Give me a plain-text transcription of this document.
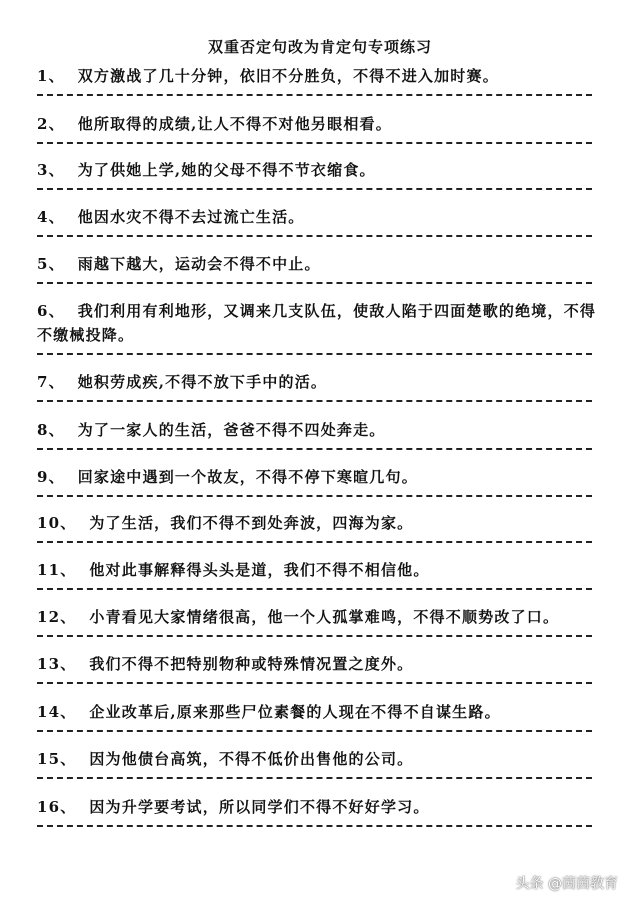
双重否定句改为肯定句专项练习
1、 双方激战了几十分钟，依旧不分胜负，不得不进入加时赛。
2、 他所取得的成绩,让人不得不对他另眼相看。
3、 为了供她上学,她的父母不得不节衣缩食。
4、 他因水灾不得不去过流亡生活。
5、 雨越下越大，运动会不得不中止。
6、 我们利用有利地形，又调来几支队伍，使敌人陷于四面楚歌的绝境，不得不缴械投降。
7、 她积劳成疾,不得不放下手中的活。
8、 为了一家人的生活，爸爸不得不四处奔走。
9、 回家途中遇到一个故友，不得不停下寒暄几句。
10、 为了生活，我们不得不到处奔波，四海为家。
11、 他对此事解释得头头是道，我们不得不相信他。
12、 小青看见大家情绪很高，他一个人孤掌难鸣，不得不顺势改了口。
13、 我们不得不把特别物种或特殊情况置之度外。
14、 企业改革后,原来那些尸位素餐的人现在不得不自谋生路。
15、 因为他债台高筑，不得不低价出售他的公司。
16、 因为升学要考试，所以同学们不得不好好学习。
头条 @茵茵教育
